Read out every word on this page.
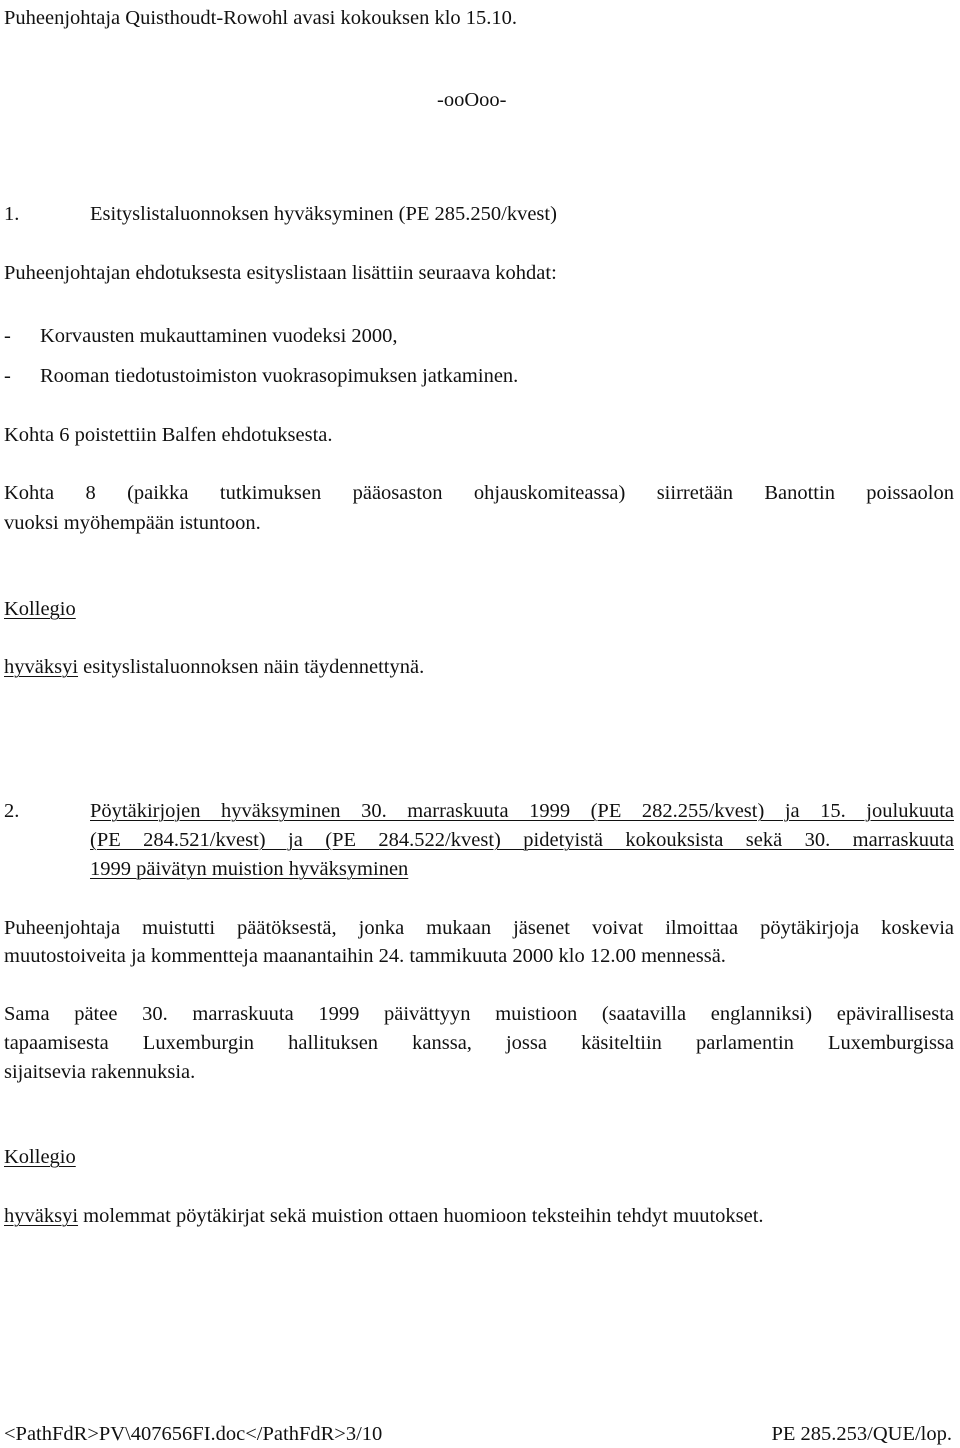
Puheenjohtaja Quisthoudt-Rowohl avasi kokouksen klo 15.10.
-ooOoo-
1.	Esityslistaluonnoksen hyväksyminen (PE 285.250/kvest)
Puheenjohtajan ehdotuksesta esityslistaan lisättiin seuraava kohdat:
- Korvausten mukauttaminen vuodeksi 2000,
- Rooman tiedotustoimiston vuokrasopimuksen jatkaminen.
Kohta 6 poistettiin Balfen ehdotuksesta.
Kohta 8 (paikka tutkimuksen pääosaston ohjauskomiteassa) siirretään Banottin poissaolon
vuoksi myöhempään istuntoon.
Kollegio
hyväksyi esityslistaluonnoksen näin täydennettynä.
2.	Pöytäkirjojen hyväksyminen 30. marraskuuta 1999 (PE 282.255/kvest) ja 15. joulukuuta
(PE 284.521/kvest) ja (PE 284.522/kvest) pidetyistä kokouksista sekä 30. marraskuuta
1999 päivätyn muistion hyväksyminen
Puheenjohtaja muistutti päätöksestä, jonka mukaan jäsenet voivat ilmoittaa pöytäkirjoja koskevia
muutostoiveita ja kommentteja maanantaihin 24. tammikuuta 2000 klo 12.00 mennessä.
Sama pätee 30. marraskuuta 1999 päivättyyn muistioon (saatavilla englanniksi) epävirallisesta
tapaamisesta Luxemburgin hallituksen kanssa, jossa käsiteltiin parlamentin Luxemburgissa
sijaitsevia rakennuksia.
Kollegio
hyväksyi molemmat pöytäkirjat sekä muistion ottaen huomioon teksteihin tehdyt muutokset.
<PathFdR>PV\407656FI.doc</PathFdR>3/10	PE 285.253/QUE/lop.
